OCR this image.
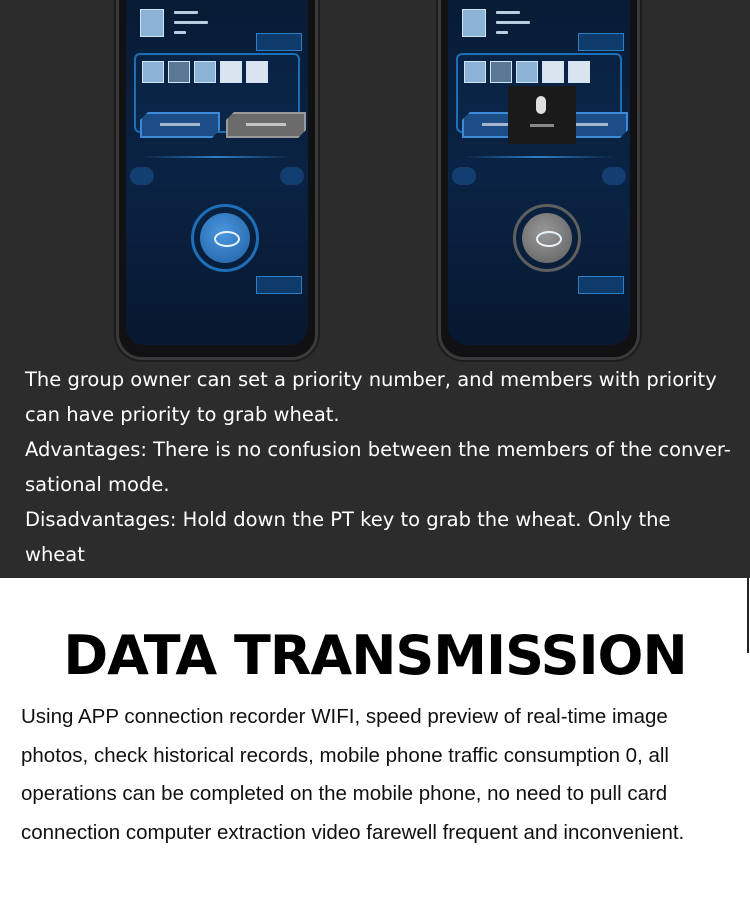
The group owner can set a priority number, and members with priority

can have priority to grab wheat.

Advantages: There is no confusion between the members of the conver-

sational mode.

Disadvantages: Hold down the PT key to grab the wheat. Only the wheat

can be successfully spoken.

DATA TRANSMISSION
Using APP connection recorder WIFI, speed preview of real-time image
photos, check historical records, mobile phone traffic consumption 0, all
operations can be completed on the mobile phone, no need to pull card
connection computer extraction video farewell frequent and inconvenient.
